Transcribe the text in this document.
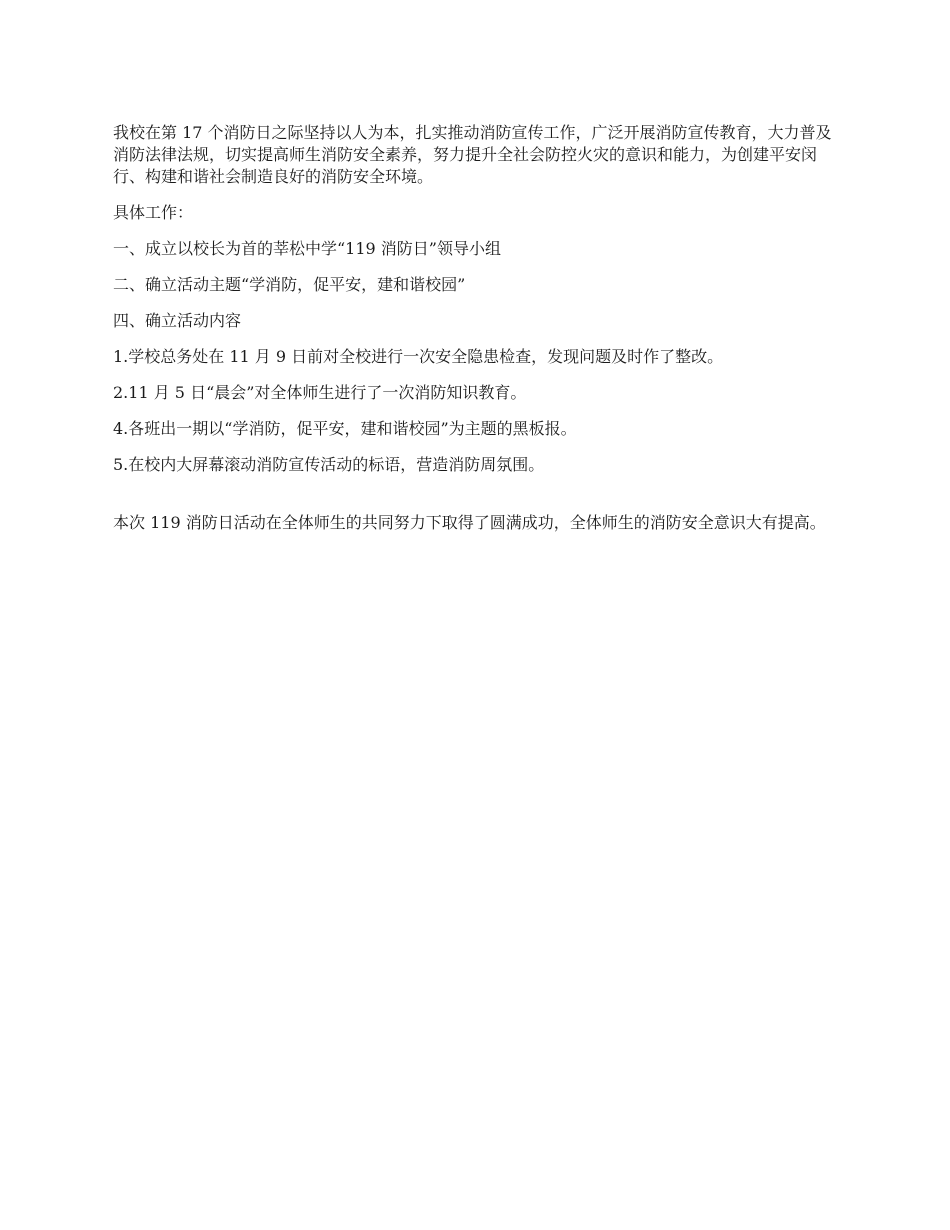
我校在第 17 个消防日之际坚持以人为本，扎实推动消防宣传工作，广泛开展消防宣传教育，大力普及消防法律法规，切实提高师生消防安全素养，努力提升全社会防控火灾的意识和能力，为创建平安闵行、构建和谐社会制造良好的消防安全环境。

具体工作：

一、成立以校长为首的莘松中学“119 消防日”领导小组

二、确立活动主题“学消防，促平安，建和谐校园”

四、确立活动内容

1.学校总务处在 11 月 9 日前对全校进行一次安全隐患检查，发现问题及时作了整改。

2.11 月 5 日“晨会”对全体师生进行了一次消防知识教育。

4.各班出一期以“学消防，促平安，建和谐校园”为主题的黑板报。

5.在校内大屏幕滚动消防宣传活动的标语，营造消防周氛围。

本次 119 消防日活动在全体师生的共同努力下取得了圆满成功，全体师生的消防安全意识大有提高。
